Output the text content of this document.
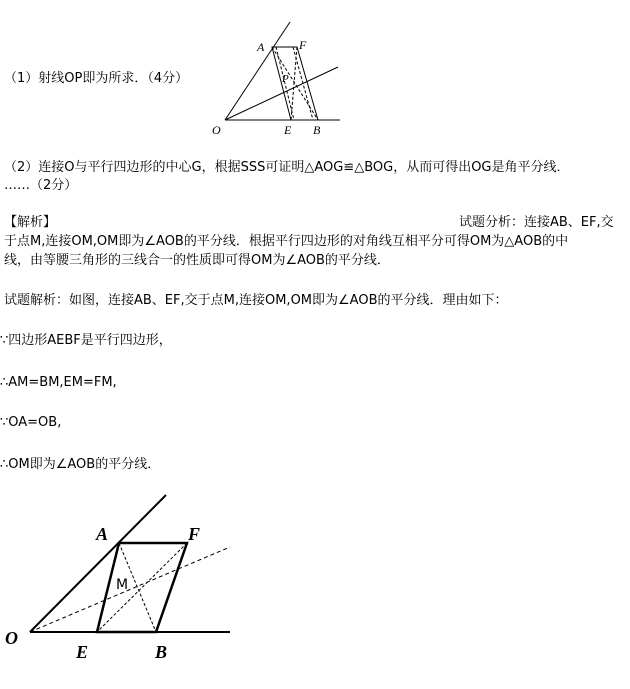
A	F
P
O	E B
（1）射线OP即为所求．（4分）
（2）连接O与平行四边形的中心G，根据SSS可证明△AOG≌△BOG，从而可得出OG是角平分线．
……（2分）
【解析】	试题分析：连接AB、EF,交
于点M,连接OM,OM即为∠AOB的平分线．根据平行四边形的对角线互相平分可得OM为△AOB的中
线，由等腰三角形的三线合一的性质即可得OM为∠AOB的平分线．
试题解析：如图，连接AB、EF,交于点M,连接OM,OM即为∠AOB的平分线．理由如下：
∵四边形AEBF是平行四边形，
∴AM=BM,EM=FM,
∵OA=OB,
∴OM即为∠AOB的平分线．
A	F
M
O
E	B
